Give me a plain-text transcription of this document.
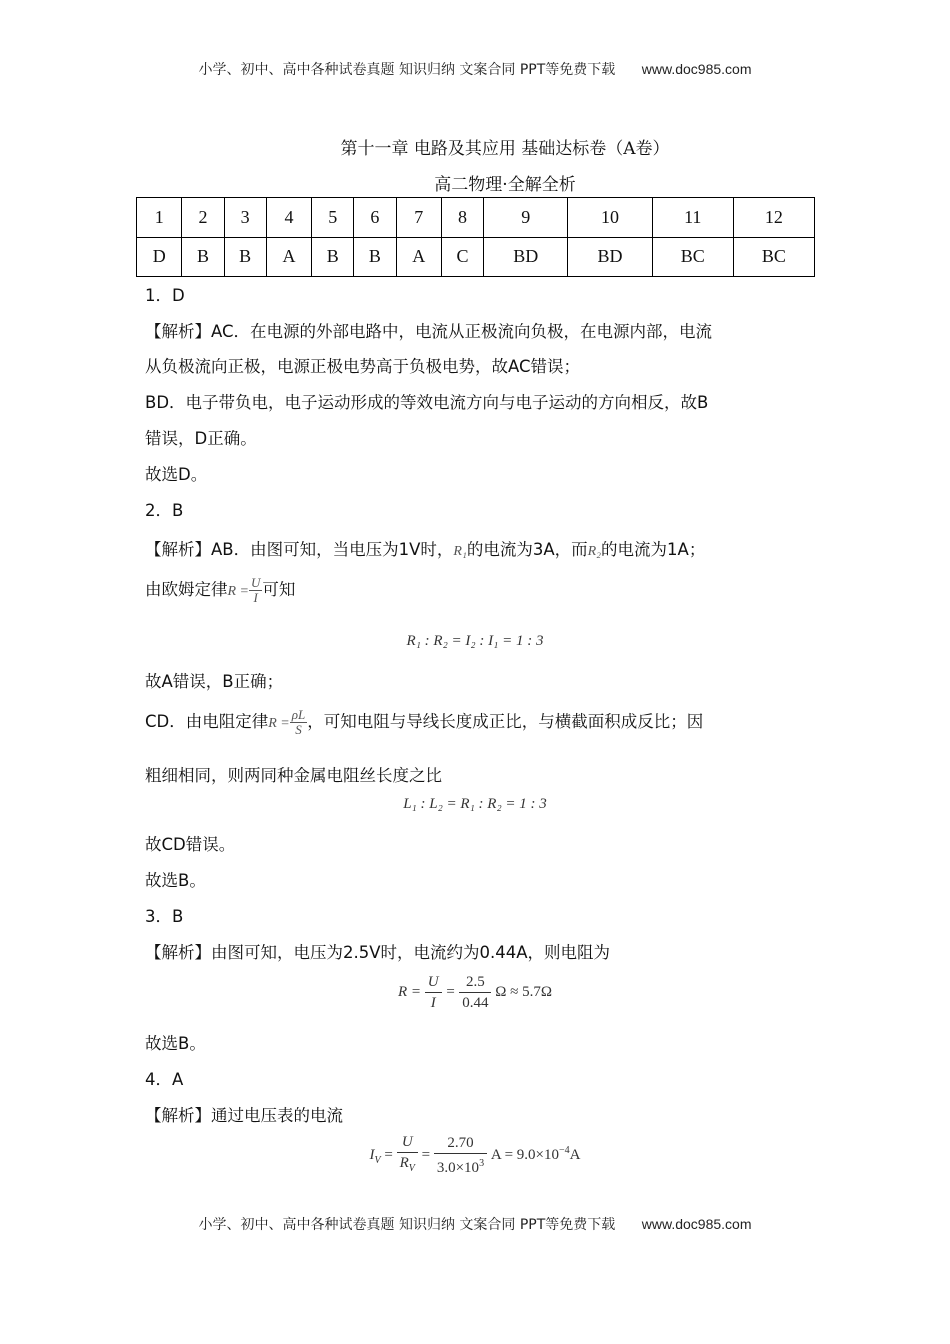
小学、初中、高中各种试卷真题 知识归纳 文案合同 PPT等免费下载 www.doc985.com
第十一章 电路及其应用 基础达标卷（A卷）
高二物理·全解全析
1	2	3	4	5	6	7	8	9	10	11	12
D	B	B	A	B	B	A	C	BD	BD	BC	BC
1．D
【解析】AC．在电源的外部电路中，电流从正极流向负极，在电源内部，电流
从负极流向正极，电源正极电势高于负极电势，故AC错误；
BD．电子带负电，电子运动形成的等效电流方向与电子运动的方向相反，故B
错误，D正确。
故选D。
2．B
【解析】AB．由图可知，当电压为1V时，R₁的电流为3A，而R₂的电流为1A；
由欧姆定律$R = \frac{U}{I}$ 可知
R₁ : R₂ = I₂ : I₁ = 1 : 3
故A错误，B正确；
CD．由电阻定律$R = \frac{\rho L}{S}$ ，可知电阻与导线长度成正比，与横截面积成反比；因
粗细相同，则两同种金属电阻丝长度之比
L₁ : L₂ = R₁ : R₂ = 1 : 3
故CD错误。
故选B。
3．B
【解析】由图可知，电压为2.5V时，电流约为0.44A，则电阻为
$R = \frac{U}{I} = \frac{2.5}{0.44}$ Ω ≈ 5.7Ω
故选B。
4．A
【解析】通过电压表的电流
$I_V = \frac{U}{R_V} = \frac{2.70}{3.0\times 10^3}$ $A = 9.0\times 10^{-4}A$
小学、初中、高中各种试卷真题 知识归纳 文案合同 PPT等免费下载 www.doc985.com
